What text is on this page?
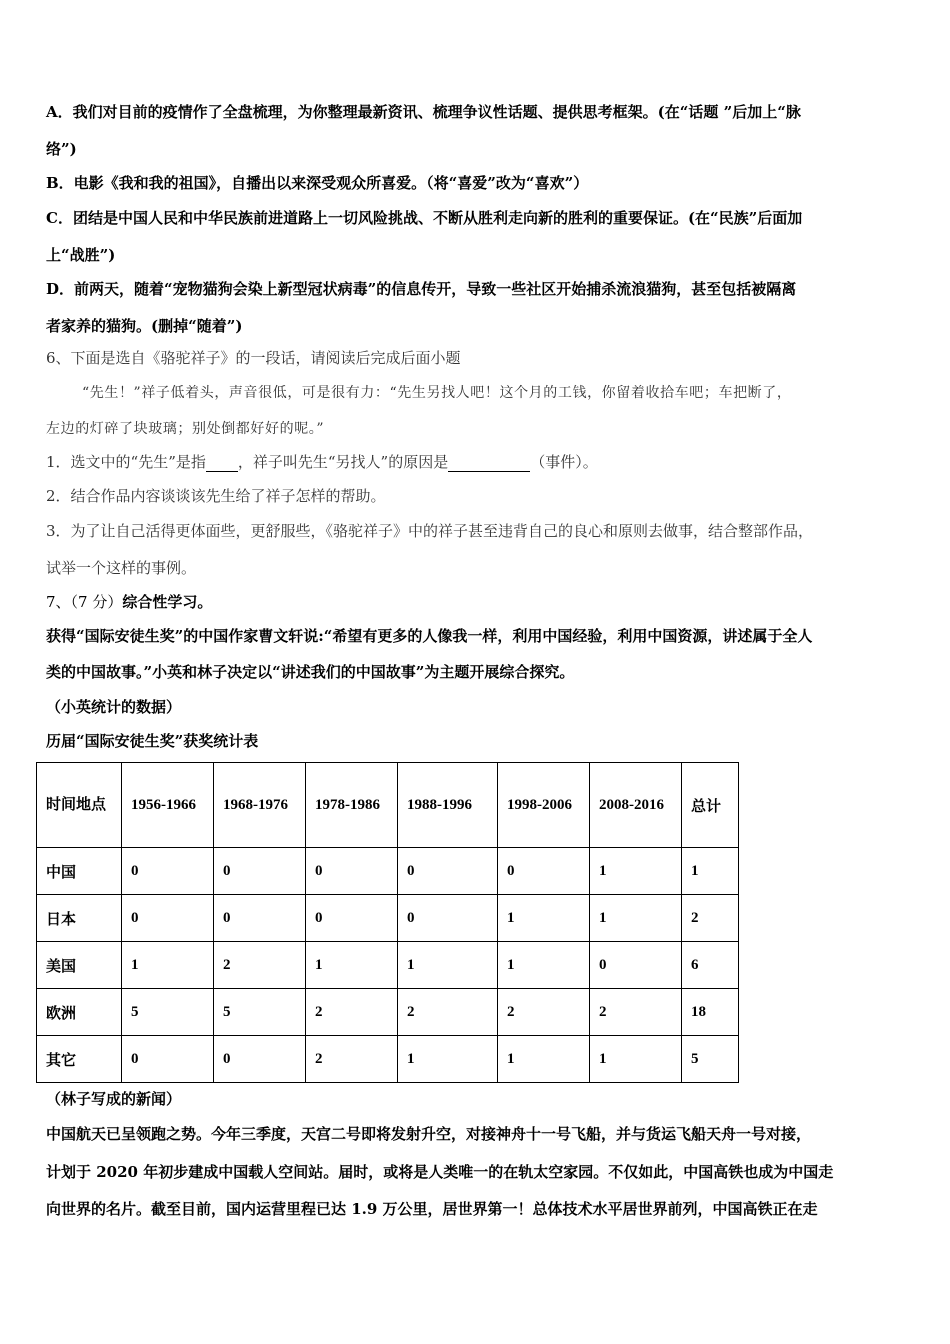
A．我们对目前的疫情作了全盘梳理，为你整理最新资讯、梳理争议性话题、提供思考框架。(在“话题 ”后加上“脉
络”)
B．电影《我和我的祖国》，自播出以来深受观众所喜爱。（将“喜爱”改为“喜欢”）
C．团结是中国人民和中华民族前进道路上一切风险挑战、不断从胜利走向新的胜利的重要保证。(在“民族”后面加
上“战胜”)
D．前两天，随着“宠物猫狗会染上新型冠状病毒”的信息传开，导致一些社区开始捕杀流浪猫狗，甚至包括被隔离
者家养的猫狗。(删掉“随着”)
6、下面是选自《骆驼祥子》的一段话，请阅读后完成后面小题
“先生！”祥子低着头，声音很低，可是很有力：“先生另找人吧！这个月的工钱，你留着收拾车吧；车把断了，
左边的灯碎了块玻璃；别处倒都好好的呢。”
1．选文中的“先生”是指 ，祥子叫先生“另找人”的原因是	（事件）。
2．结合作品内容谈谈该先生给了祥子怎样的帮助。
3．为了让自己活得更体面些，更舒服些，《骆驼祥子》中的祥子甚至违背自己的良心和原则去做事，结合整部作品，
试举一个这样的事例。
7、（7 分）综合性学习。
获得“国际安徒生奖”的中国作家曹文轩说:“希望有更多的人像我一样，利用中国经验，利用中国资源，讲述属于全人
类的中国故事。”小英和林子决定以“讲述我们的中国故事”为主题开展综合探究。
（小英统计的数据）
历届“国际安徒生奖”获奖统计表
时间地点	1956-1966	1968-1976	1978-1986	1988-1996	1998-2006	2008-2016	总计
中国	0	0	0	0	0	1	1
日本	0	0	0	0	1	1	2
美国	1	2	1	1	1	0	6
欧洲	5	5	2	2	2	2	18
其它	0	0	2	1	1	1	5
（林子写成的新闻）
中国航天已呈领跑之势。今年三季度，天宫二号即将发射升空，对接神舟十一号飞船，并与货运飞船天舟一号对接，
计划于 2020 年初步建成中国载人空间站。届时，或将是人类唯一的在轨太空家园。不仅如此，中国高铁也成为中国走
向世界的名片。截至目前，国内运营里程已达 1.9 万公里，居世界第一！总体技术水平居世界前列，中国高铁正在走
